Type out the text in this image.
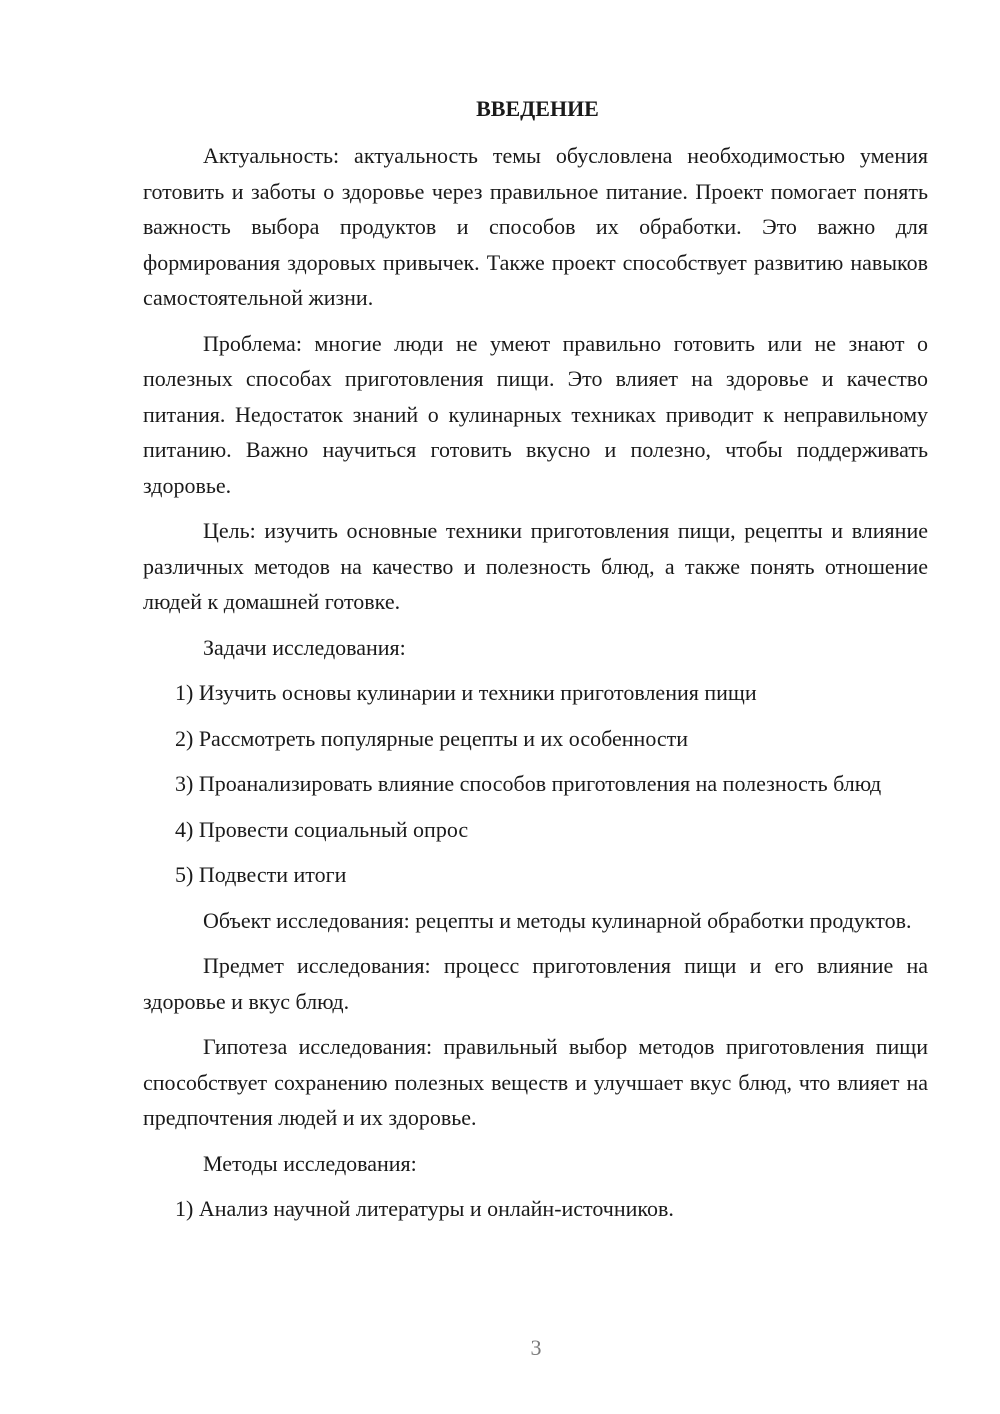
ВВЕДЕНИЕ

Актуальность: актуальность темы обусловлена необходимостью умения готовить и заботы о здоровье через правильное питание. Проект помогает понять важность выбора продуктов и способов их обработки. Это важно для формирования здоровых привычек. Также проект способствует развитию навыков самостоятельной жизни.

Проблема: многие люди не умеют правильно готовить или не знают о полезных способах приготовления пищи. Это влияет на здоровье и качество питания. Недостаток знаний о кулинарных техниках приводит к неправильному питанию. Важно научиться готовить вкусно и полезно, чтобы поддерживать здоровье.

Цель: изучить основные техники приготовления пищи, рецепты и влияние различных методов на качество и полезность блюд, а также понять отношение людей к домашней готовке.

Задачи исследования:

1) Изучить основы кулинарии и техники приготовления пищи

2) Рассмотреть популярные рецепты и их особенности

3) Проанализировать влияние способов приготовления на полезность блюд

4) Провести социальный опрос

5) Подвести итоги

Объект исследования: рецепты и методы кулинарной обработки продуктов.

Предмет исследования: процесс приготовления пищи и его влияние на здоровье и вкус блюд.

Гипотеза исследования: правильный выбор методов приготовления пищи способствует сохранению полезных веществ и улучшает вкус блюд, что влияет на предпочтения людей и их здоровье.

Методы исследования:

1) Анализ научной литературы и онлайн-источников.

3
